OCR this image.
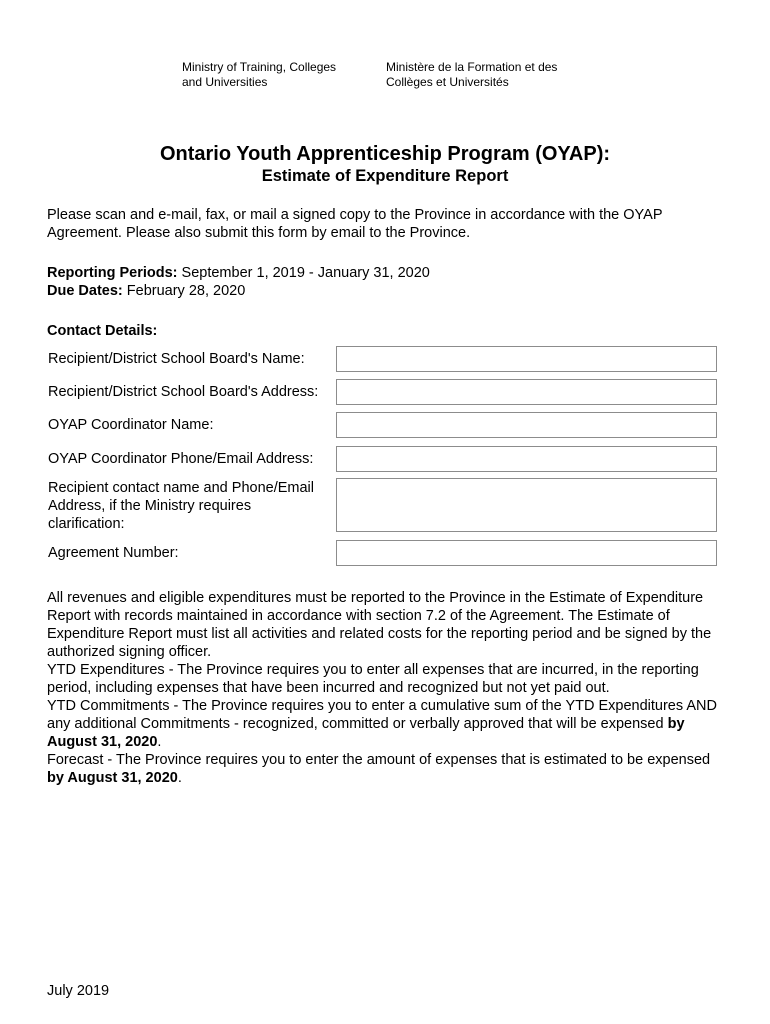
Ministry of Training, Colleges
and Universities
Ministère de la Formation et des
Collèges et Universités
Ontario Youth Apprenticeship Program (OYAP):
Estimate of Expenditure Report
Please scan and e-mail, fax, or mail a signed copy to the Province in accordance with the OYAP Agreement. Please also submit this form by email to the Province.
Reporting Periods: September 1, 2019 - January 31, 2020
Due Dates: February 28, 2020
Contact Details:
Recipient/District School Board's Name:
Recipient/District School Board's Address:
OYAP Coordinator Name:
OYAP Coordinator Phone/Email Address:
Recipient contact name and Phone/Email Address, if the Ministry requires clarification:
Agreement Number:
All revenues and eligible expenditures must be reported to the Province in the Estimate of Expenditure Report with records maintained in accordance with section 7.2 of the Agreement. The Estimate of Expenditure Report must list all activities and related costs for the reporting period and be signed by the authorized signing officer.
YTD Expenditures - The Province requires you to enter all expenses that are incurred, in the reporting period, including expenses that have been incurred and recognized but not yet paid out.
YTD Commitments - The Province requires you to enter a cumulative sum of the YTD Expenditures AND any additional Commitments - recognized, committed or verbally approved that will be expensed by August 31, 2020.
Forecast - The Province requires you to enter the amount of expenses that is estimated to be expensed by August 31, 2020.
July 2019
